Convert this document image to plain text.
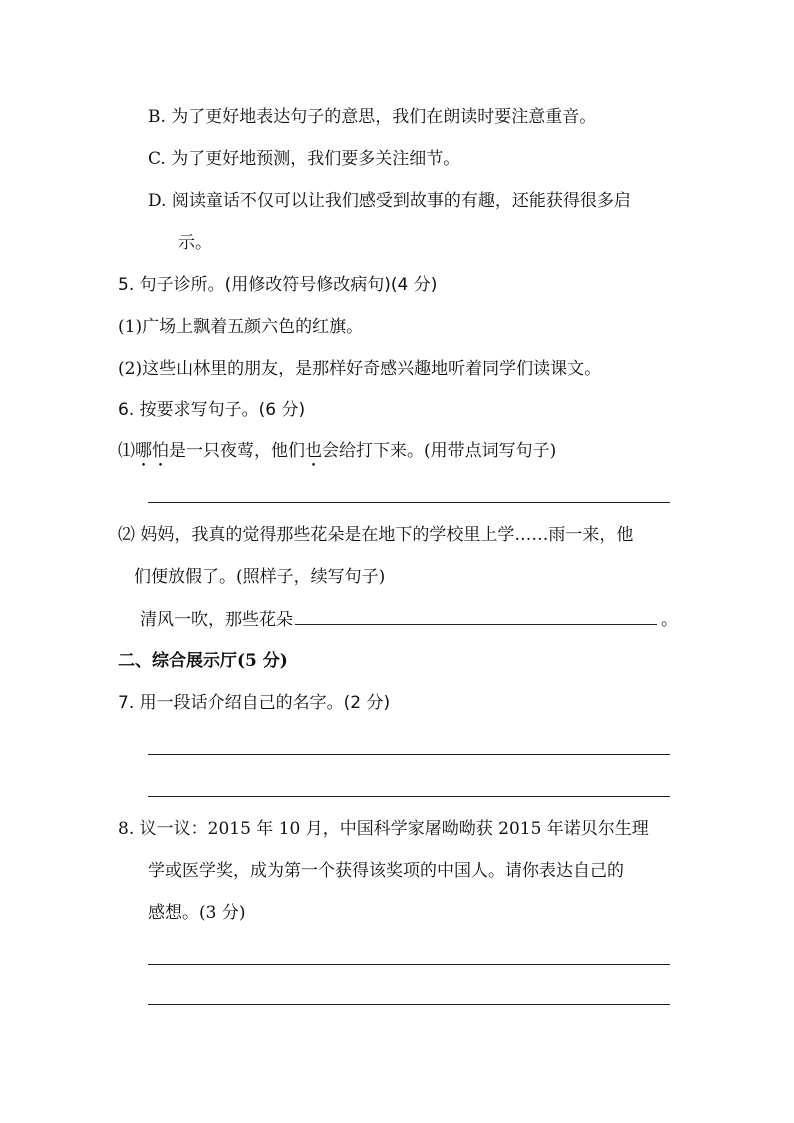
B. 为了更好地表达句子的意思，我们在朗读时要注意重音。
C. 为了更好地预测，我们要多关注细节。
D. 阅读童话不仅可以让我们感受到故事的有趣，还能获得很多启
示。
5. 句子诊所。(用修改符号修改病句)(4 分)
(1)广场上飘着五颜六色的红旗。
(2)这些山林里的朋友，是那样好奇感兴趣地听着同学们读课文。
6. 按要求写句子。(6 分)
⑴哪怕是一只夜莺，他们也会给打下来。(用带点词写句子)
⑵ 妈妈，我真的觉得那些花朵是在地下的学校里上学……雨一来，他
们便放假了。(照样子，续写句子)
清风一吹，那些花朵	。
二、综合展示厅(5 分)
7. 用一段话介绍自己的名字。(2 分)
8. 议一议：2015 年 10 月，中国科学家屠呦呦获 2015 年诺贝尔生理
学或医学奖，成为第一个获得该奖项的中国人。请你表达自己的
感想。(3 分)
